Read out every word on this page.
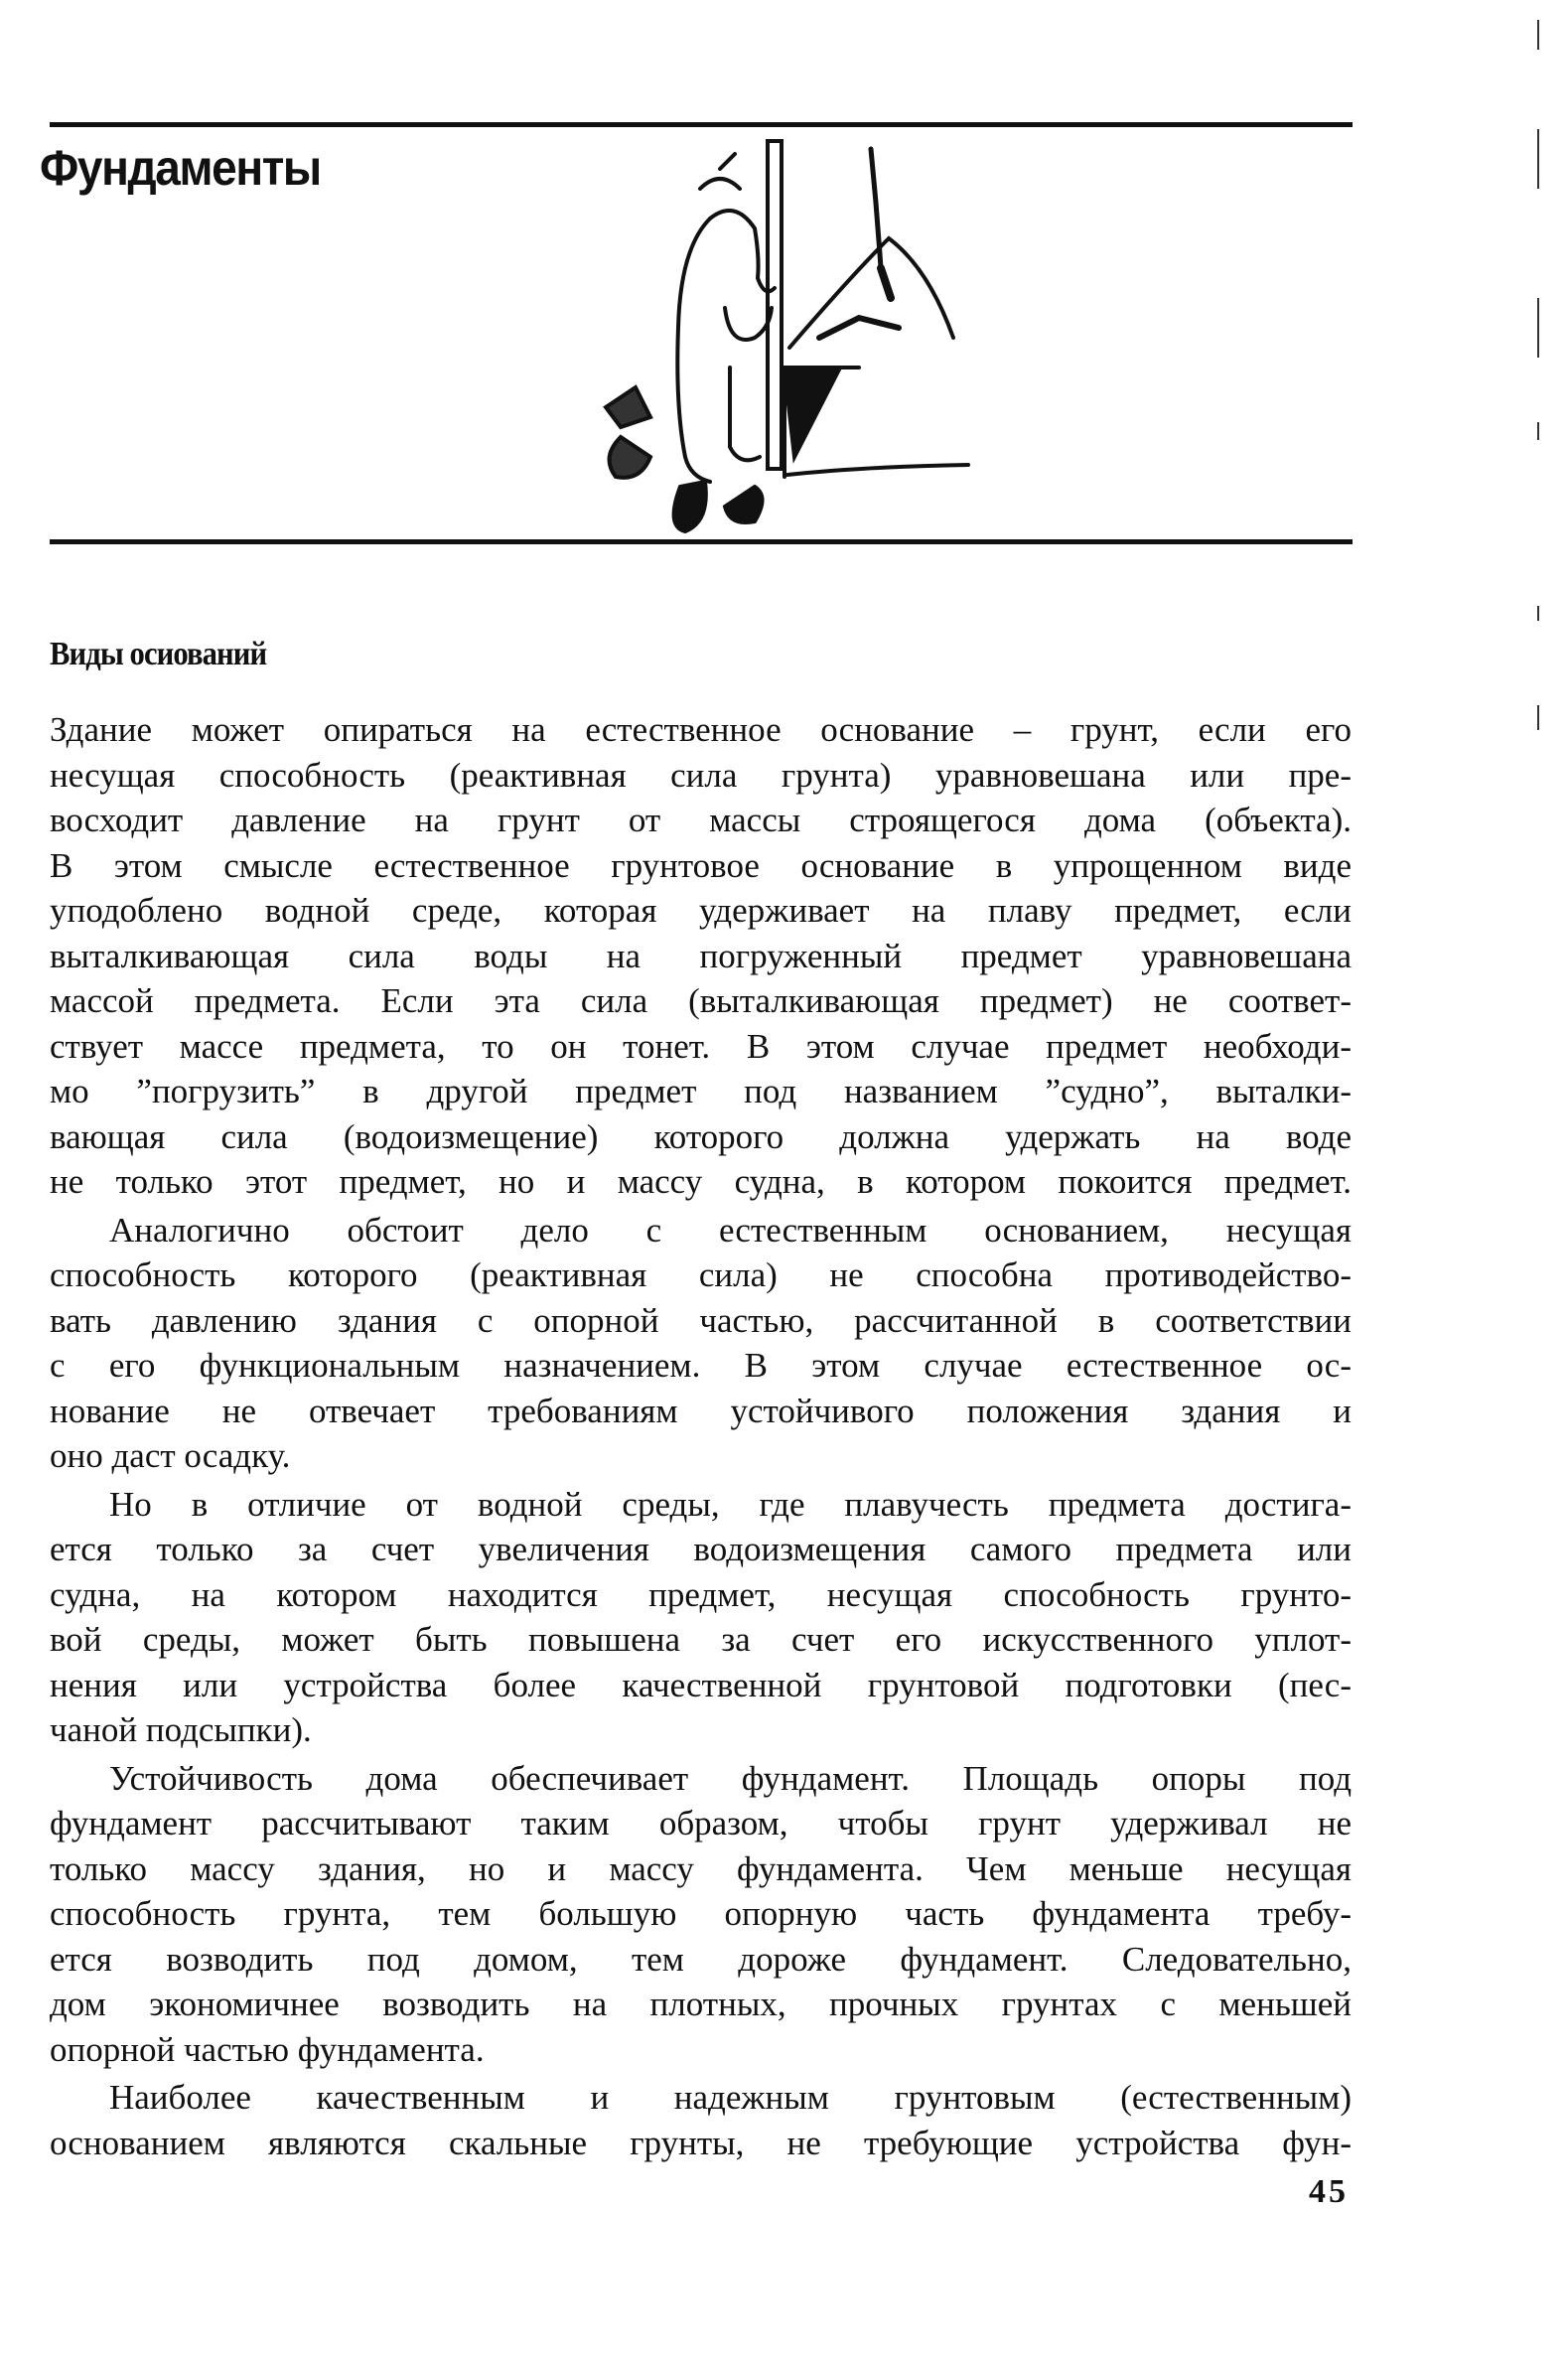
Фундаменты
Виды осиований
Здание может опираться на естественное основание – грунт, если его
несущая способность (реактивная сила грунта) уравновешана или пре-
восходит давление на грунт от массы строящегося дома (объекта).
В этом смысле естественное грунтовое основание в упрощенном виде
уподоблено водной среде, которая удерживает на плаву предмет, если
выталкивающая сила воды на погруженный предмет уравновешана
массой предмета. Если эта сила (выталкивающая предмет) не соответ-
ствует массе предмета, то он тонет. В этом случае предмет необходи-
мо ”погрузить” в другой предмет под названием ”судно”, выталки-
вающая сила (водоизмещение) которого должна удержать на воде
не только этот предмет, но и массу судна, в котором покоится предмет.
Аналогично обстоит дело с естественным основанием, несущая
способность которого (реактивная сила) не способна противодейство-
вать давлению здания с опорной частью, рассчитанной в соответствии
с его функциональным назначением. В этом случае естественное ос-
нование не отвечает требованиям устойчивого положения здания и
оно даст осадку.
Но в отличие от водной среды, где плавучесть предмета достига-
ется только за счет увеличения водоизмещения самого предмета или
судна, на котором находится предмет, несущая способность грунто-
вой среды, может быть повышена за счет его искусственного уплот-
нения или устройства более качественной грунтовой подготовки (пес-
чаной подсыпки).
Устойчивость дома обеспечивает фундамент. Площадь опоры под
фундамент рассчитывают таким образом, чтобы грунт удерживал не
только массу здания, но и массу фундамента. Чем меньше несущая
способность грунта, тем большую опорную часть фундамента требу-
ется возводить под домом, тем дороже фундамент. Следовательно,
дом экономичнее возводить на плотных, прочных грунтах с меньшей
опорной частью фундамента.
Наиболее качественным и надежным грунтовым (естественным)
основанием являются скальные грунты, не требующие устройства фун-
45
